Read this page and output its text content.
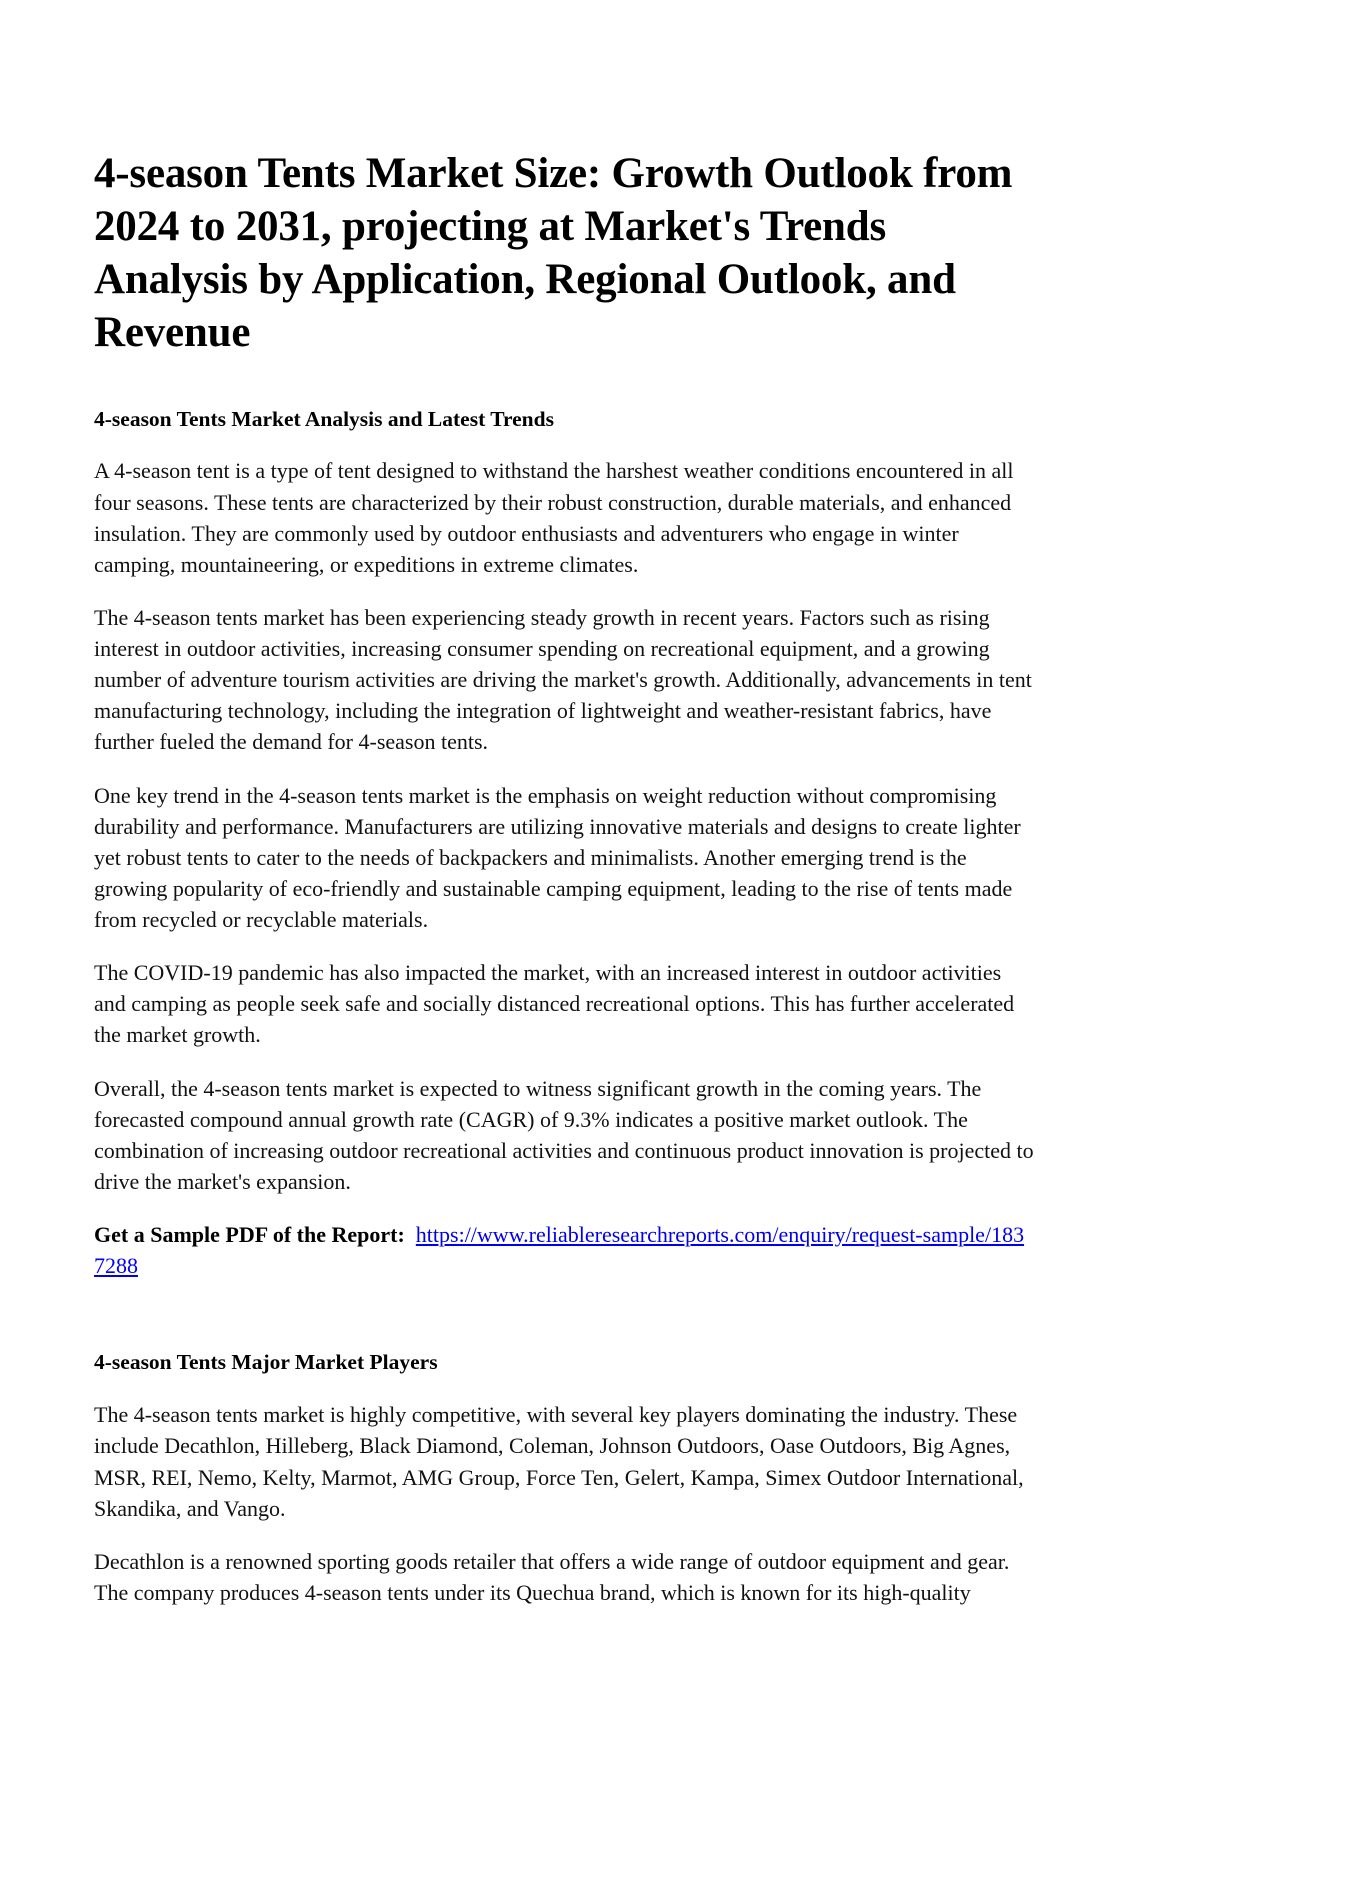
4-season Tents Market Size: Growth Outlook from 2024 to 2031, projecting at Market's Trends Analysis by Application, Regional Outlook, and Revenue
4-season Tents Market Analysis and Latest Trends

A 4-season tent is a type of tent designed to withstand the harshest weather conditions encountered in all four seasons. These tents are characterized by their robust construction, durable materials, and enhanced insulation. They are commonly used by outdoor enthusiasts and adventurers who engage in winter camping, mountaineering, or expeditions in extreme climates.

The 4-season tents market has been experiencing steady growth in recent years. Factors such as rising interest in outdoor activities, increasing consumer spending on recreational equipment, and a growing number of adventure tourism activities are driving the market's growth. Additionally, advancements in tent manufacturing technology, including the integration of lightweight and weather-resistant fabrics, have further fueled the demand for 4-season tents.

One key trend in the 4-season tents market is the emphasis on weight reduction without compromising durability and performance. Manufacturers are utilizing innovative materials and designs to create lighter yet robust tents to cater to the needs of backpackers and minimalists. Another emerging trend is the growing popularity of eco-friendly and sustainable camping equipment, leading to the rise of tents made from recycled or recyclable materials.

The COVID-19 pandemic has also impacted the market, with an increased interest in outdoor activities and camping as people seek safe and socially distanced recreational options. This has further accelerated the market growth.

Overall, the 4-season tents market is expected to witness significant growth in the coming years. The forecasted compound annual growth rate (CAGR) of 9.3% indicates a positive market outlook. The combination of increasing outdoor recreational activities and continuous product innovation is projected to drive the market's expansion.

Get a Sample PDF of the Report: https://www.reliableresearchreports.com/enquiry/request-sample/1837288

4-season Tents Major Market Players

The 4-season tents market is highly competitive, with several key players dominating the industry. These include Decathlon, Hilleberg, Black Diamond, Coleman, Johnson Outdoors, Oase Outdoors, Big Agnes, MSR, REI, Nemo, Kelty, Marmot, AMG Group, Force Ten, Gelert, Kampa, Simex Outdoor International, Skandika, and Vango.

Decathlon is a renowned sporting goods retailer that offers a wide range of outdoor equipment and gear. The company produces 4-season tents under its Quechua brand, which is known for its high-quality
